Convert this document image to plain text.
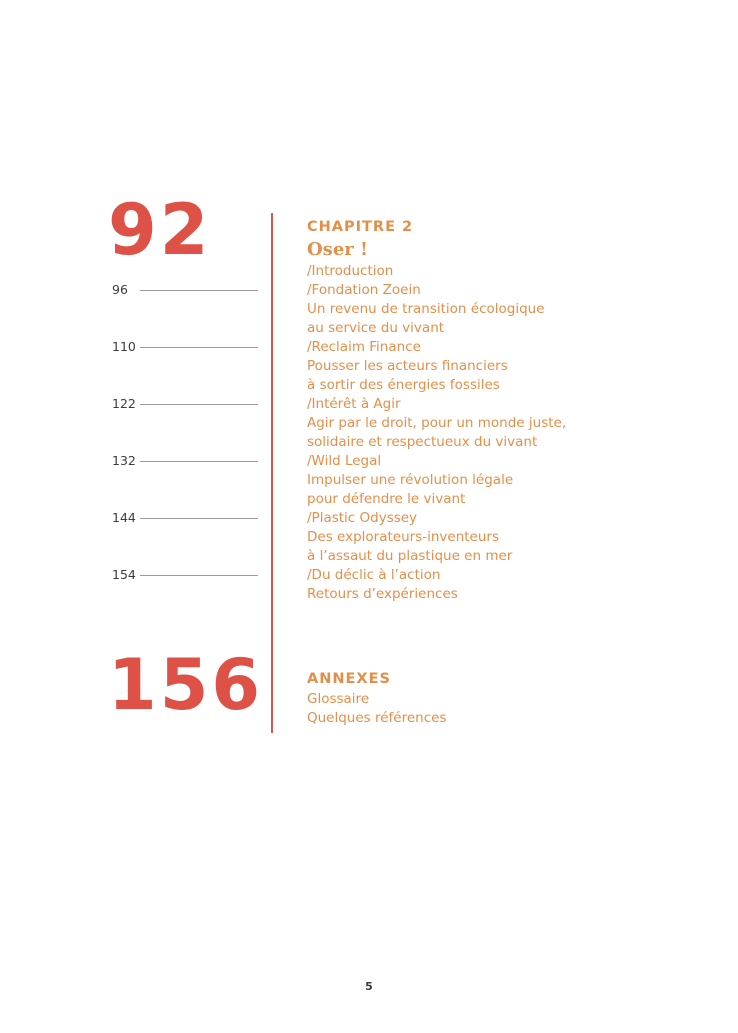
92
96
110
122
132
144
154
CHAPITRE 2
Oser !
/Introduction
/Fondation Zoein
Un revenu de transition écologique
au service du vivant
/Reclaim Finance
Pousser les acteurs financiers
à sortir des énergies fossiles
/Intérêt à Agir
Agir par le droit, pour un monde juste,
solidaire et respectueux du vivant
/Wild Legal
Impulser une révolution légale
pour défendre le vivant
/Plastic Odyssey
Des explorateurs-inventeurs
à l’assaut du plastique en mer
/Du déclic à l’action
Retours d’expériences
156	ANNEXES
Glossaire
Quelques références
5
